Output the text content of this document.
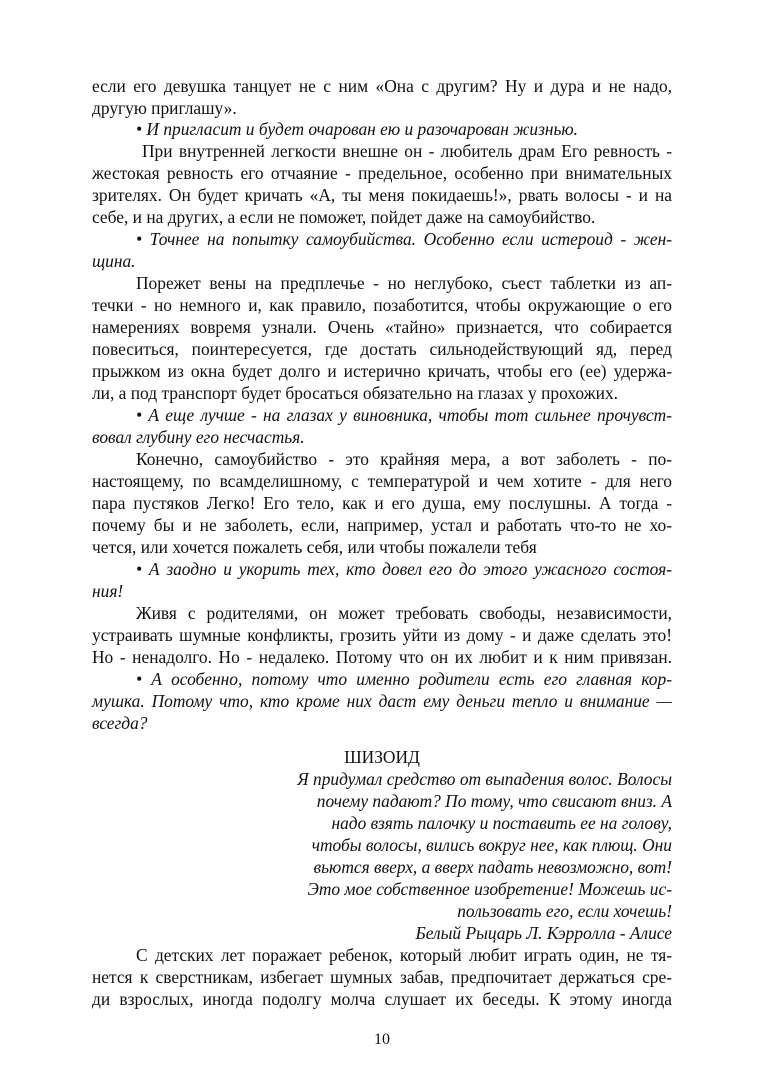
если его девушка танцует не с ним «Она с другим? Ну и дура и не надо,
другую приглашу».
• И пригласит и будет очарован ею и разочарован жизнью.
При внутренней легкости внешне он - любитель драм Его ревность -
жестокая ревность его отчаяние - предельное, особенно при внимательных
зрителях. Он будет кричать «А, ты меня покидаешь!», рвать волосы - и на
себе, и на других, а если не поможет, пойдет даже на самоубийство.
• Точнее на попытку самоубийства. Особенно если истероид - жен-
щина.
Порежет вены на предплечье - но неглубоко, съест таблетки из ап-
течки - но немного и, как правило, позаботится, чтобы окружающие о его
намерениях вовремя узнали. Очень «тайно» признается, что собирается
повеситься, поинтересуется, где достать сильнодействующий яд, перед
прыжком из окна будет долго и истерично кричать, чтобы его (ее) удержа-
ли, а под транспорт будет бросаться обязательно на глазах у прохожих.
• А еще лучше - на глазах у виновника, чтобы тот сильнее прочувст-
вовал глубину его несчастья.
Конечно, самоубийство - это крайняя мера, а вот заболеть - по-
настоящему, по всамделишному, с температурой и чем хотите - для него
пара пустяков Легко! Его тело, как и его душа, ему послушны. А тогда -
почему бы и не заболеть, если, например, устал и работать что-то не хо-
чется, или хочется пожалеть себя, или чтобы пожалели тебя
• А заодно и укорить тех, кто довел его до этого ужасного состоя-
ния!
Живя с родителями, он может требовать свободы, независимости,
устраивать шумные конфликты, грозить уйти из дому - и даже сделать это!
Но - ненадолго. Но - недалеко. Потому что он их любит и к ним привязан.
• А особенно, потому что именно родители есть его главная кор-
мушка. Потому что, кто кроме них даст ему деньги тепло и внимание —
всегда?
ШИЗОИД
Я придумал средство от выпадения волос. Волосы
почему падают? По тому, что свисают вниз. А
надо взять палочку и поставить ее на голову,
чтобы волосы, вились вокруг нее, как плющ. Они
вьются вверх, а вверх падать невозможно, вот!
Это мое собственное изобретение! Можешь ис-
пользовать его, если хочешь!
Белый Рыцарь Л. Кэрролла - Алисе
С детских лет поражает ребенок, который любит играть один, не тя-
нется к сверстникам, избегает шумных забав, предпочитает держаться сре-
ди взрослых, иногда подолгу молча слушает их беседы. К этому иногда
10
